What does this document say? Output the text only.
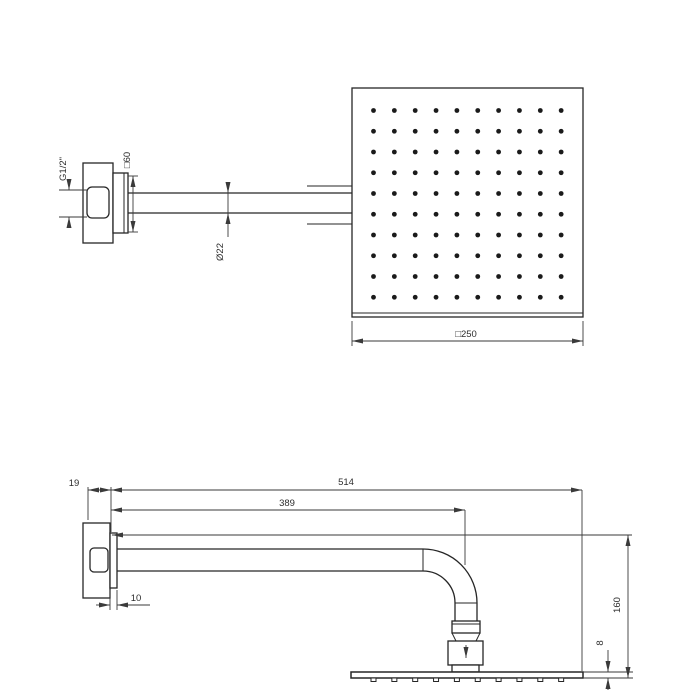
G1/2"	□60
Ø22
□250
19	514
389
10	160
8
